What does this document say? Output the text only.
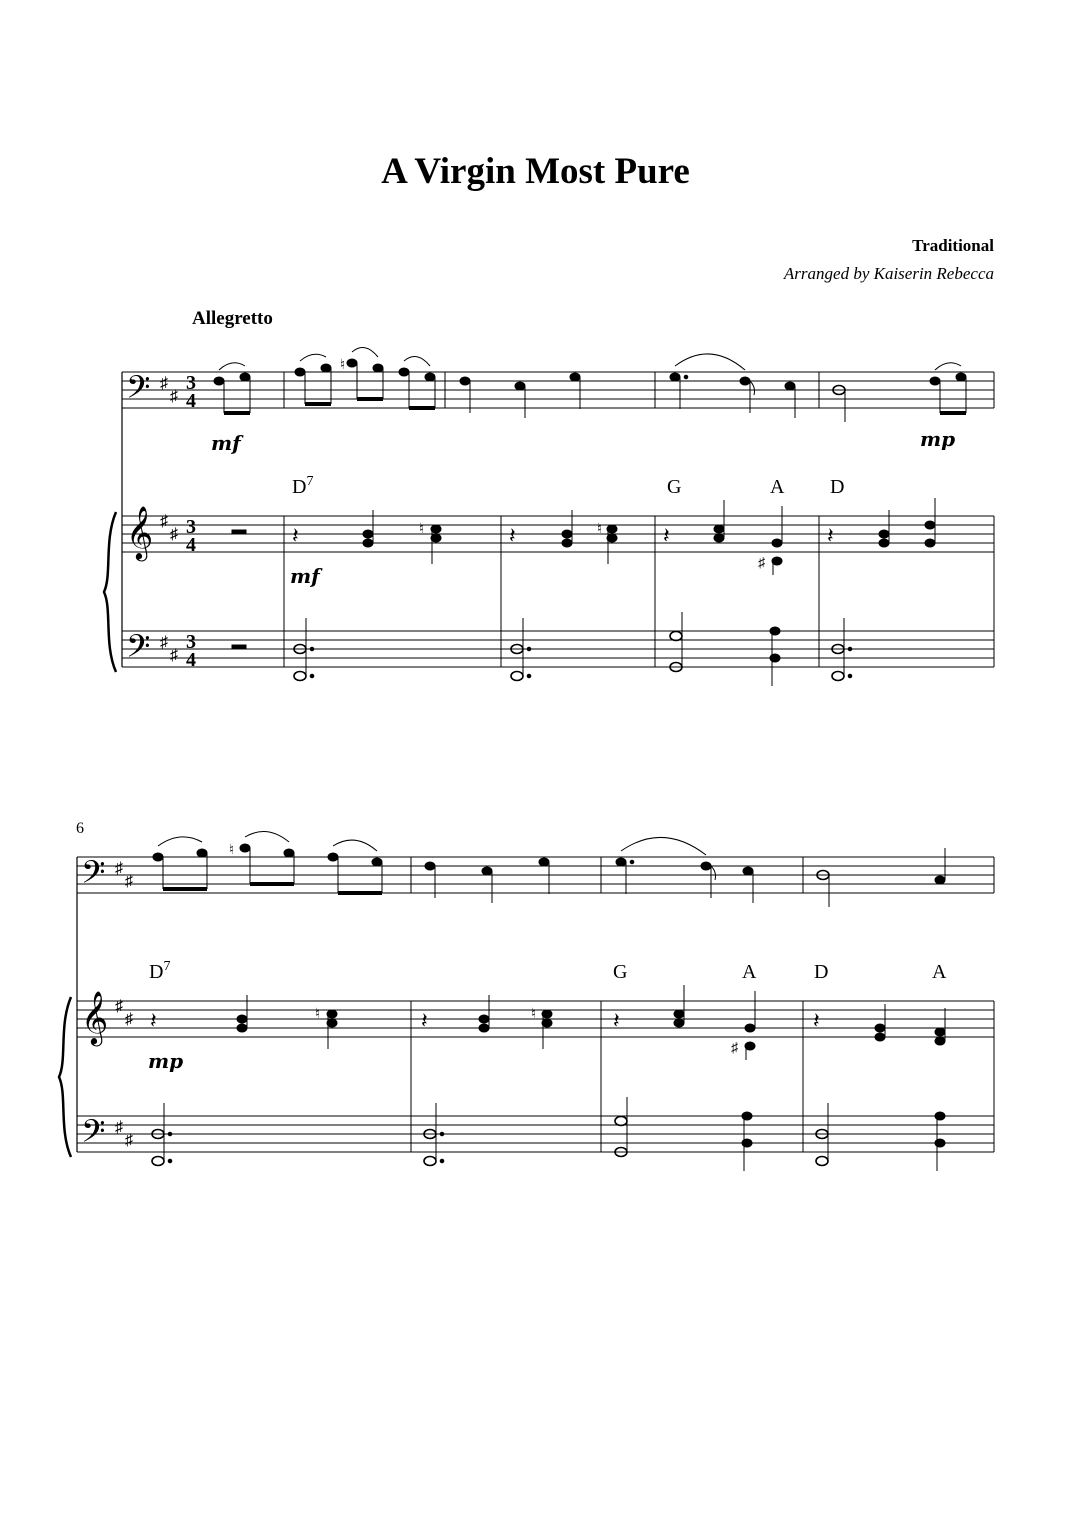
A Virgin Most Pure
Traditional
Arranged by Kaiserin Rebecca
Allegretto
6
𝄢
𝄞
𝄢
♯
♯
♯
♯
♯
♯
3
4
3
4
3
4
♮
𝄽	♮	𝄽	♮	𝄽
♯
𝄽
$D^7$	G	A D
mf	mp
mf
𝄢
𝄞
𝄢
♯
♯
♯
♯
♯
♯
♮
𝄽	♮	𝄽	♮	𝄽
♯
𝄽
$D^7$	G	A	D	A
mp
